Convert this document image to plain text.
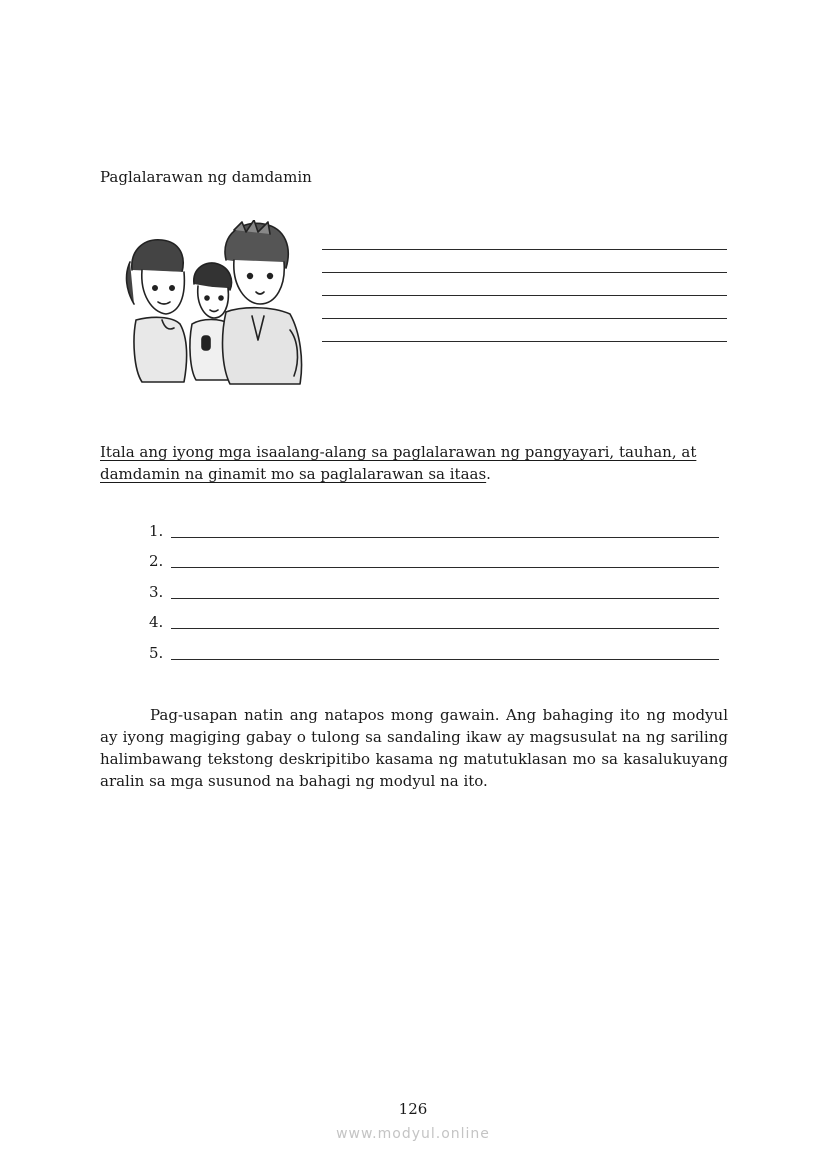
Paglalarawan ng damdamin
Itala ang iyong mga isaalang-alang sa paglalarawan ng pangyayari, tauhan, at damdamin na ginamit mo sa paglalarawan sa itaas.
1.
2.
3.
4.
5.
Pag-usapan natin ang natapos mong gawain. Ang bahaging ito ng modyul ay iyong magiging gabay o tulong sa sandaling ikaw ay magsusulat na ng sariling halimbawang tekstong deskripitibo kasama ng matutuklasan mo sa kasalukuyang aralin sa mga susunod na bahagi ng modyul na ito.
126
www.modyul.online
